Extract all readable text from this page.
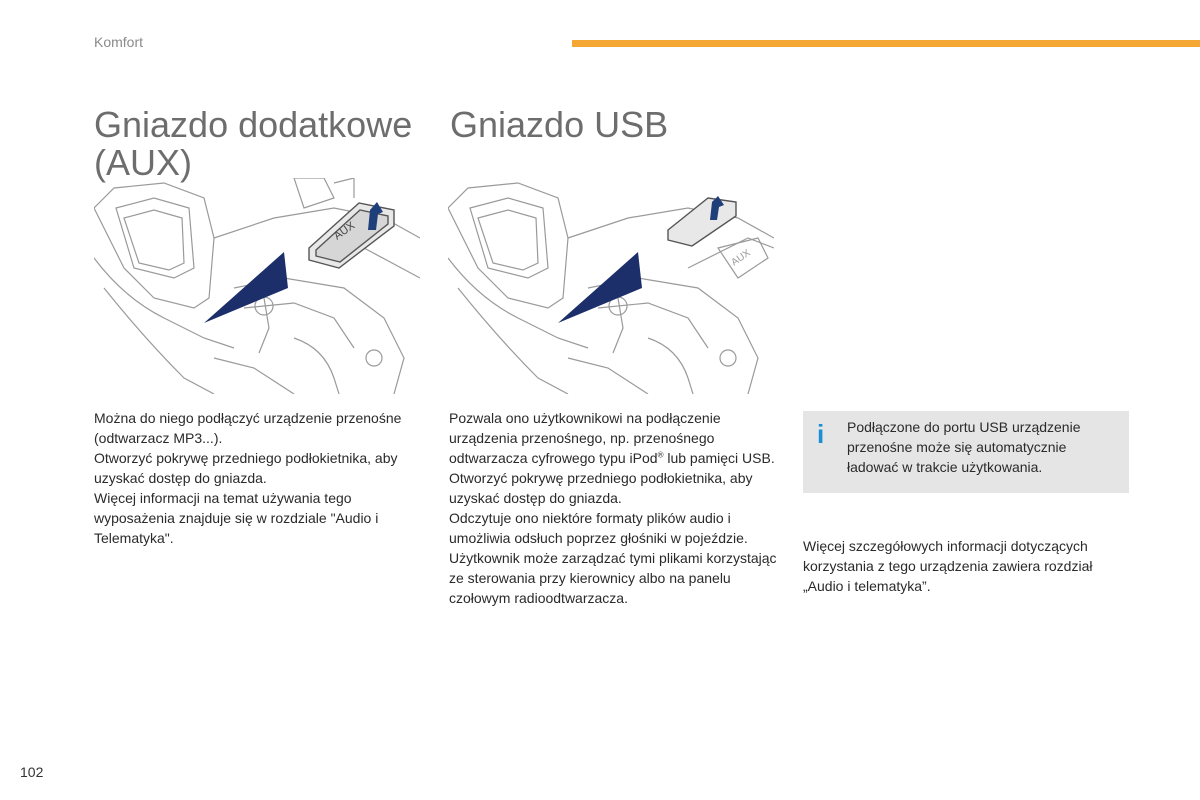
Komfort
Gniazdo dodatkowe (AUX)
Gniazdo USB
AUX
AUX

Można do niego podłączyć urządzenie przenośne (odtwarzacz MP3...).

Otworzyć pokrywę przedniego podłokietnika, aby uzyskać dostęp do gniazda.

Więcej informacji na temat używania tego wyposażenia znajduje się w rozdziale "Audio i Telematyka".

Pozwala ono użytkownikowi na podłączenie urządzenia przenośnego, np. przenośnego odtwarzacza cyfrowego typu iPod® lub pamięci USB.

Otworzyć pokrywę przedniego podłokietnika, aby uzyskać dostęp do gniazda.

Odczytuje ono niektóre formaty plików audio i umożliwia odsłuch poprzez głośniki w pojeździe.

Użytkownik może zarządzać tymi plikami korzystając ze sterowania przy kierownicy albo na panelu czołowym radioodtwarzacza.

i Podłączone do portu USB urządzenie przenośne może się automatycznie ładować w trakcie użytkowania.

Więcej szczegółowych informacji dotyczących korzystania z tego urządzenia zawiera rozdział „Audio i telematyka”.

102
